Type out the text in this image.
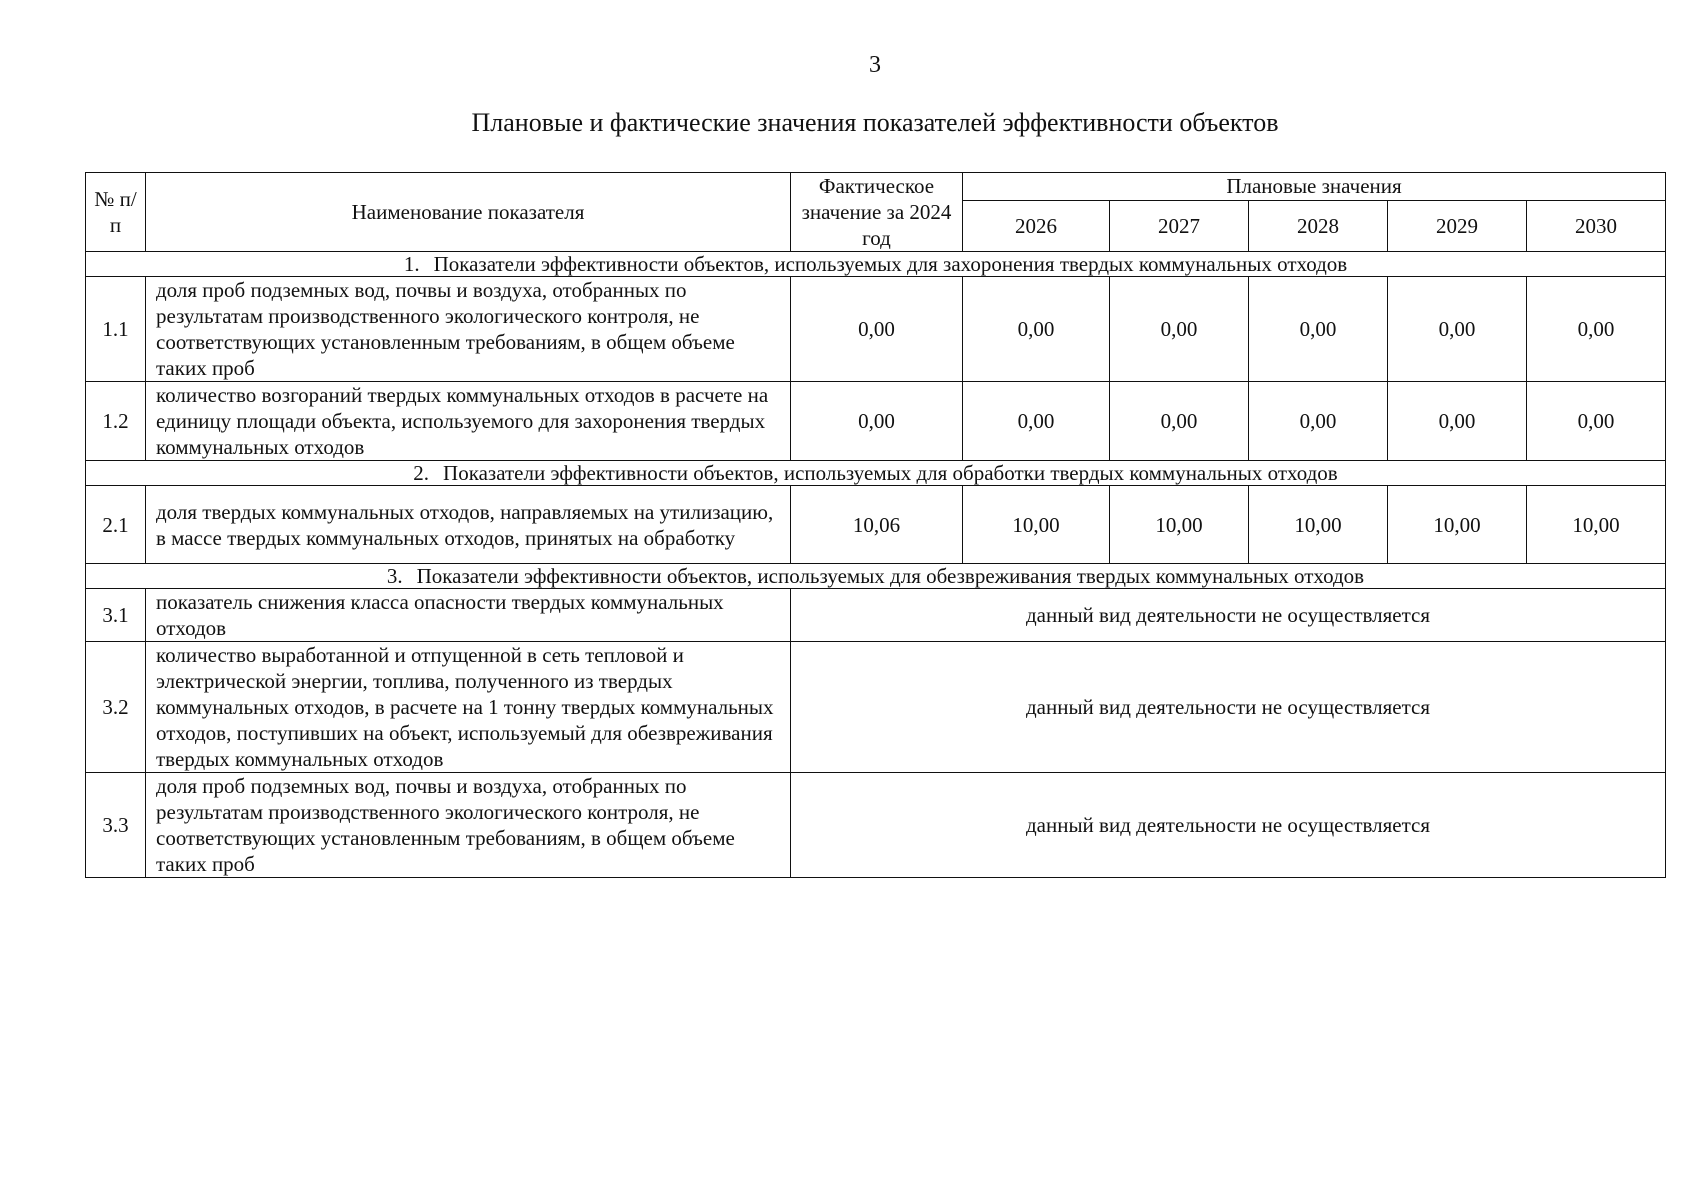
3
Плановые и фактические значения показателей эффективности объектов
№ п/п	Наименование показателя	Фактическое значение за 2024 год	Плановые значения				
			2026	2027	2028	2029	2030
1. Показатели эффективности объектов, используемых для захоронения твердых коммунальных отходов							
1.1	доля проб подземных вод, почвы и воздуха, отобранных по результатам производственного экологического контроля, не соответствующих установленным требованиям, в общем объеме таких проб	0,00	0,00	0,00	0,00	0,00	0,00
1.2	количество возгораний твердых коммунальных отходов в расчете на единицу площади объекта, используемого для захоронения твердых коммунальных отходов	0,00	0,00	0,00	0,00	0,00	0,00
2. Показатели эффективности объектов, используемых для обработки твердых коммунальных отходов							
2.1	доля твердых коммунальных отходов, направляемых на утилизацию, в массе твердых коммунальных отходов, принятых на обработку	10,06	10,00	10,00	10,00	10,00	10,00
3. Показатели эффективности объектов, используемых для обезвреживания твердых коммунальных отходов							
3.1	показатель снижения класса опасности твердых коммунальных отходов	данный вид деятельности не осуществляется					
3.2	количество выработанной и отпущенной в сеть тепловой и электрической энергии, топлива, полученного из твердых коммунальных отходов, в расчете на 1 тонну твердых коммунальных отходов, поступивших на объект, используемый для обезвреживания твердых коммунальных отходов	данный вид деятельности не осуществляется					
3.3	доля проб подземных вод, почвы и воздуха, отобранных по результатам производственного экологического контроля, не соответствующих установленным требованиям, в общем объеме таких проб	данный вид деятельности не осуществляется					
